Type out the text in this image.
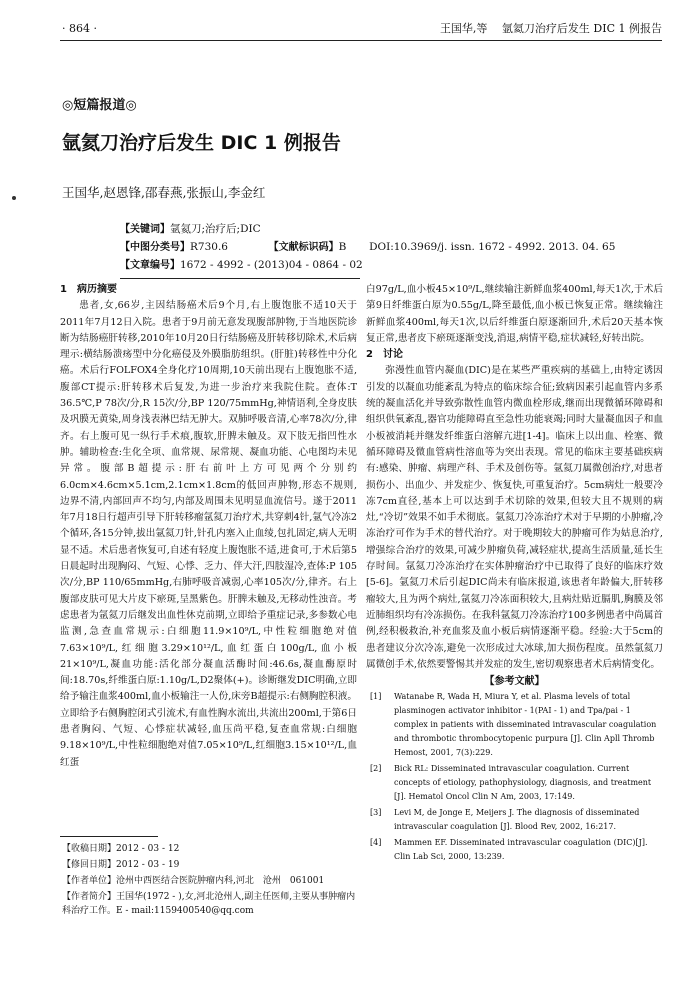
· 864 ·	王国华,等　 氩氦刀治疗后发生 DIC 1 例报告
◎短篇报道◎
氩氦刀治疗后发生 DIC 1 例报告
王国华,赵恩锋,邵春燕,张振山,李金红
【关键词】氩氦刀;治疗后;DIC
【中图分类号】R730.6	【文献标识码】B DOI:10.3969/j. issn. 1672 - 4992. 2013. 04. 65
【文章编号】1672 - 4992 - (2013)04 - 0864 - 02
1　病历摘要

患者,女,66岁,主因结肠癌术后9个月,右上腹饱胀不适10天于2011年7月12日入院。患者于9月前无意发现腹部肿物,于当地医院诊断为结肠癌肝转移,2010年10月20日行结肠癌及肝转移切除术,术后病理示:横结肠溃疡型中分化癌侵及外膜脂肪组织。(肝脏)转移性中分化癌。术后行FOLFOX4全身化疗10周期,10天前出现右上腹饱胀不适,腹部CT提示:肝转移术后复发,为进一步治疗来我院住院。查体:T 36.5℃,P 78次/分,R 15次/分,BP 120/75mmHg,神情语利,全身皮肤及巩膜无黄染,周身浅表淋巴结无肿大。双肺呼吸音清,心率78次/分,律齐。右上腹可见一纵行手术痕,腹软,肝脾未触及。双下肢无指凹性水肿。辅助检查:生化全项、血常规、尿常规、凝血功能、心电图均未见异常。腹部B超提示:肝右前叶上方可见两个分别约6.0cm×4.6cm×5.1cm,2.1cm×1.8cm的低回声肿物,形态不规则,边界不清,内部回声不均匀,内部及周围未见明显血流信号。遂于2011年7月18日行超声引导下肝转移瘤氩氦刀治疗术,共穿刺4针,氩气冷冻2个循环,各15分钟,拔出氩氦刀针,针孔内塞入止血绫,包扎固定,病人无明显不适。术后患者恢复可,自述有轻度上腹饱胀不适,进食可,于术后第5日晨起时出现胸闷、气短、心悸、乏力、伴大汗,四肢湿冷,查体:P 105次/分,BP 110/65mmHg,右肺呼吸音减弱,心率105次/分,律齐。右上腹部皮肤可见大片皮下瘀斑,呈黑紫色。肝脾未触及,无移动性浊音。考虑患者为氩氦刀后继发出血性休克前期,立即给予重症记录,多参数心电监测,急查血常规示:白细胞11.9×10⁹/L,中性粒细胞绝对值7.63×10⁹/L,红细胞3.29×10¹²/L,血红蛋白100g/L,血小板21×10⁹/L,凝血功能:活化部分凝血活酶时间:46.6s,凝血酶原时间:18.70s,纤维蛋白原:1.10g/L,D2聚体(+)。诊断继发DIC明确,立即给予输注血浆400ml,血小板输注一人份,床旁B超提示:右侧胸腔积液。立即给予右侧胸腔闭式引流术,有血性胸水流出,共流出200ml,于第6日患者胸闷、气短、心悸症状减轻,血压尚平稳,复查血常规:白细胞9.18×10⁹/L,中性粒细胞绝对值7.05×10⁹/L,红细胞3.15×10¹²/L,血红蛋

白97g/L,血小板45×10⁹/L,继续输注新鲜血浆400ml,每天1次,于术后第9日纤维蛋白原为0.55g/L,降至最低,血小板已恢复正常。继续输注新鲜血浆400ml,每天1次,以后纤维蛋白原逐渐回升,术后20天基本恢复正常,患者皮下瘀斑逐渐变浅,消退,病情平稳,症状减轻,好转出院。

2　讨论

弥漫性血管内凝血(DIC)是在某些严重疾病的基础上,由特定诱因引发的以凝血功能紊乱为特点的临床综合征;致病因素引起血管内多系统的凝血活化并导致弥散性血管内微血栓形成,继而出现微循环障碍和组织供氧紊乱,器官功能障碍直至急性功能衰竭;同时大量凝血因子和血小板被消耗并继发纤维蛋白溶解亢进[1-4]。临床上以出血、栓塞、微循环障碍及微血管病性溶血等为突出表现。常见的临床主要基础疾病有:感染、肿瘤、病理产科、手术及创伤等。氩氦刀属微创治疗,对患者损伤小、出血少、并发症少、恢复快,可重复治疗。5cm病灶一般要冷冻7cm直径,基本上可以达到手术切除的效果,但较大且不规则的病灶,“冷切”效果不如手术彻底。氩氦刀冷冻治疗术对于早期的小肿瘤,冷冻治疗可作为手术的替代治疗。对于晚期较大的肿瘤可作为姑息治疗,增强综合治疗的效果,可减少肿瘤负荷,减轻症状,提高生活质量,延长生存时间。氩氦刀冷冻治疗在实体肿瘤治疗中已取得了良好的临床疗效[5-6]。氩氦刀术后引起DIC尚未有临床报道,该患者年龄偏大,肝转移瘤较大,且为两个病灶,氩氦刀冷冻面积较大,且病灶贴近膈肌,胸膜及邻近肺组织均有冷冻损伤。在我科氩氦刀冷冻治疗100多例患者中尚属首例,经积极救治,补充血浆及血小板后病情逐渐平稳。经验:大于5cm的患者建议分次冷冻,避免一次形成过大冰球,加大损伤程度。虽然氩氦刀属微创手术,依然要警惕其并发症的发生,密切观察患者术后病情变化。

【参考文献】
[1] Watanabe R, Wada H, Miura Y, et al. Plasma levels of total plasminogen activator inhibitor - 1(PAI - 1) and Tpa/pai - 1 complex in patients with disseminated intravascular coagulation and thrombotic thrombocytopenic purpura [J]. Clin Apll Thromb Hemost, 2001, 7(3):229.
[2] Bick RL: Disseminated intravascular coagulation. Current concepts of etiology, pathophysiology, diagnosis, and treatment [J]. Hematol Oncol Clin N Am, 2003, 17:149.
[3] Levi M, de Jonge E, Meijers J. The diagnosis of disseminated intravascular coagulation [J]. Blood Rev, 2002, 16:217.
[4] Mammen EF. Disseminated intravascular coagulation (DIC)[J]. Clin Lab Sci, 2000, 13:239.
【收稿日期】2012 - 03 - 12
【修回日期】2012 - 03 - 19
【作者单位】沧州中西医结合医院肿瘤内科,河北　沧州　061001
【作者简介】王国华(1972 - ),女,河北沧州人,副主任医师,主要从事肿瘤内科治疗工作。E - mail:1159400540@qq.com
